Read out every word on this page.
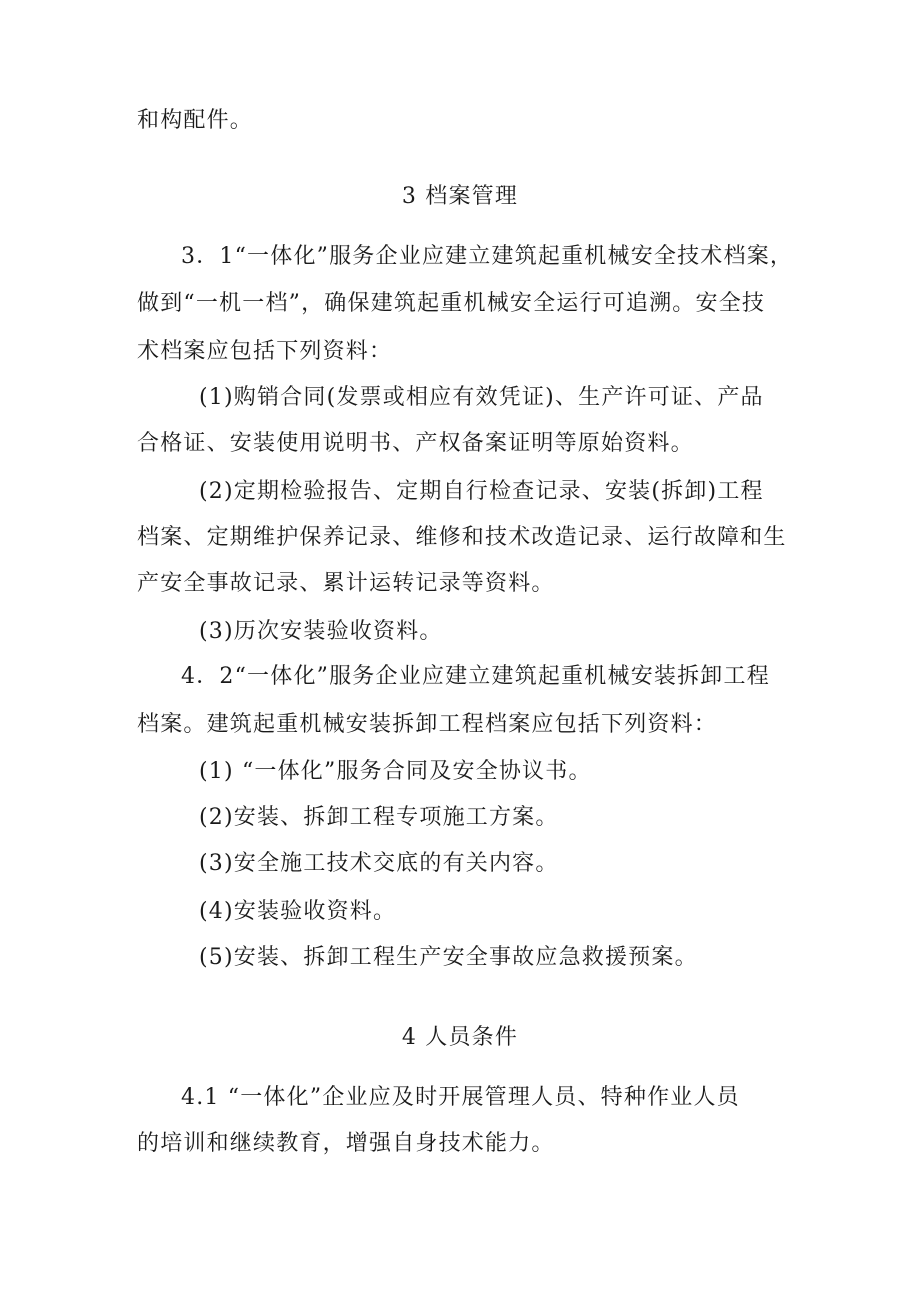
和构配件。
3 档案管理
3．1“一体化”服务企业应建立建筑起重机械安全技术档案，
做到“一机一档”，确保建筑起重机械安全运行可追溯。安全技
术档案应包括下列资料：
(1)购销合同(发票或相应有效凭证)、生产许可证、产品
合格证、安装使用说明书、产权备案证明等原始资料。
(2)定期检验报告、定期自行检查记录、安装(拆卸)工程
档案、定期维护保养记录、维修和技术改造记录、运行故障和生
产安全事故记录、累计运转记录等资料。
(3)历次安装验收资料。
4．2“一体化”服务企业应建立建筑起重机械安装拆卸工程
档案。建筑起重机械安装拆卸工程档案应包括下列资料：
(1) “一体化”服务合同及安全协议书。
(2)安装、拆卸工程专项施工方案。
(3)安全施工技术交底的有关内容。
(4)安装验收资料。
(5)安装、拆卸工程生产安全事故应急救援预案。
4 人员条件
4.1 “一体化”企业应及时开展管理人员、特种作业人员
的培训和继续教育，增强自身技术能力。
